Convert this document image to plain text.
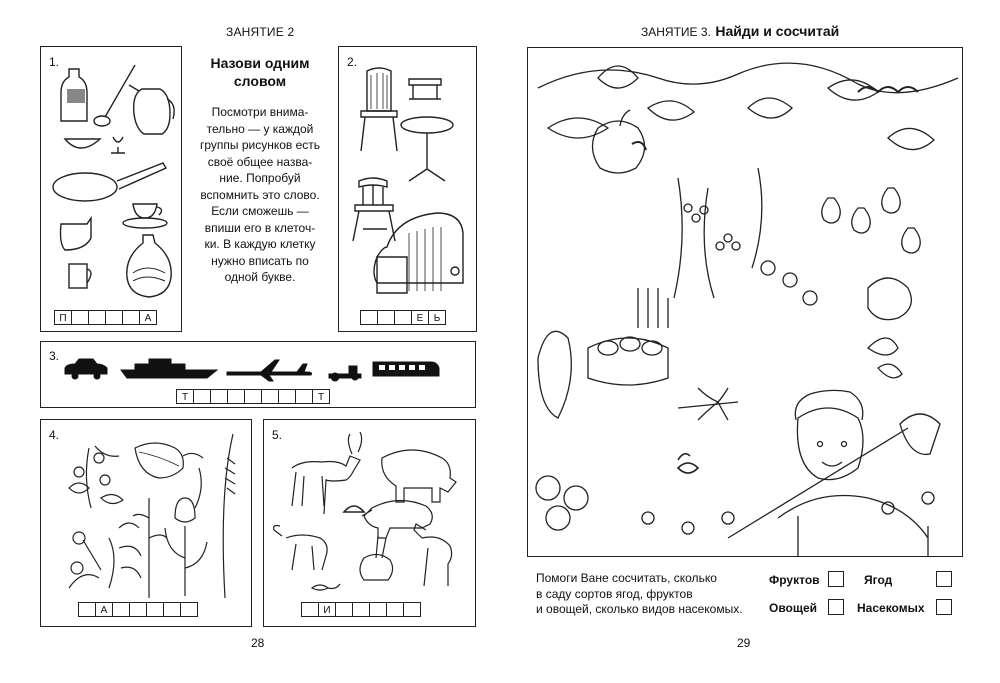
ЗАНЯТИЕ 2
1.
П	А
Назови одним
словом
Посмотри внима-
тельно — у каждой
группы рисунков есть
своё общее назва-
ние. Попробуй
вспомнить это слово.
Если сможешь —
впиши его в клеточ-
ки. В каждую клетку
нужно вписать по
одной букве.
2.
Е	Ь
3.
Т	Т
4.
А
5.
И
28
ЗАНЯТИЕ 3. Найди и сосчитай
Помоги Ване сосчитать, сколько
в саду сортов ягод, фруктов
и овощей, сколько видов насекомых.
Фруктов	Ягод
Овощей	Насекомых
29
